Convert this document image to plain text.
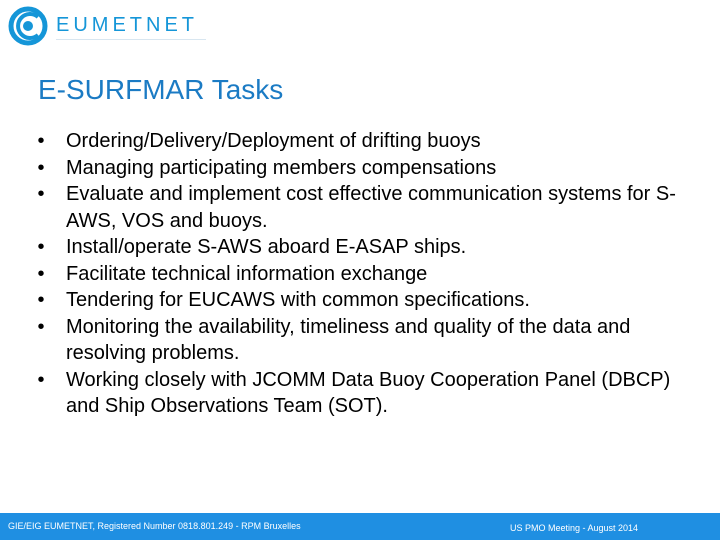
EUMETNET
E-SURFMAR Tasks
• Ordering/Delivery/Deployment of drifting buoys
• Managing participating members compensations
• Evaluate and implement cost effective communication systems for S-AWS, VOS and buoys.
• Install/operate S-AWS aboard E-ASAP ships.
• Facilitate technical information exchange
• Tendering for EUCAWS with common specifications.
• Monitoring the availability, timeliness and quality of the data and resolving problems.
• Working closely with JCOMM Data Buoy Cooperation Panel (DBCP) and Ship Observations Team (SOT).
GIE/EIG EUMETNET, Registered Number 0818.801.249 - RPM Bruxelles	US PMO Meeting - August 2014
